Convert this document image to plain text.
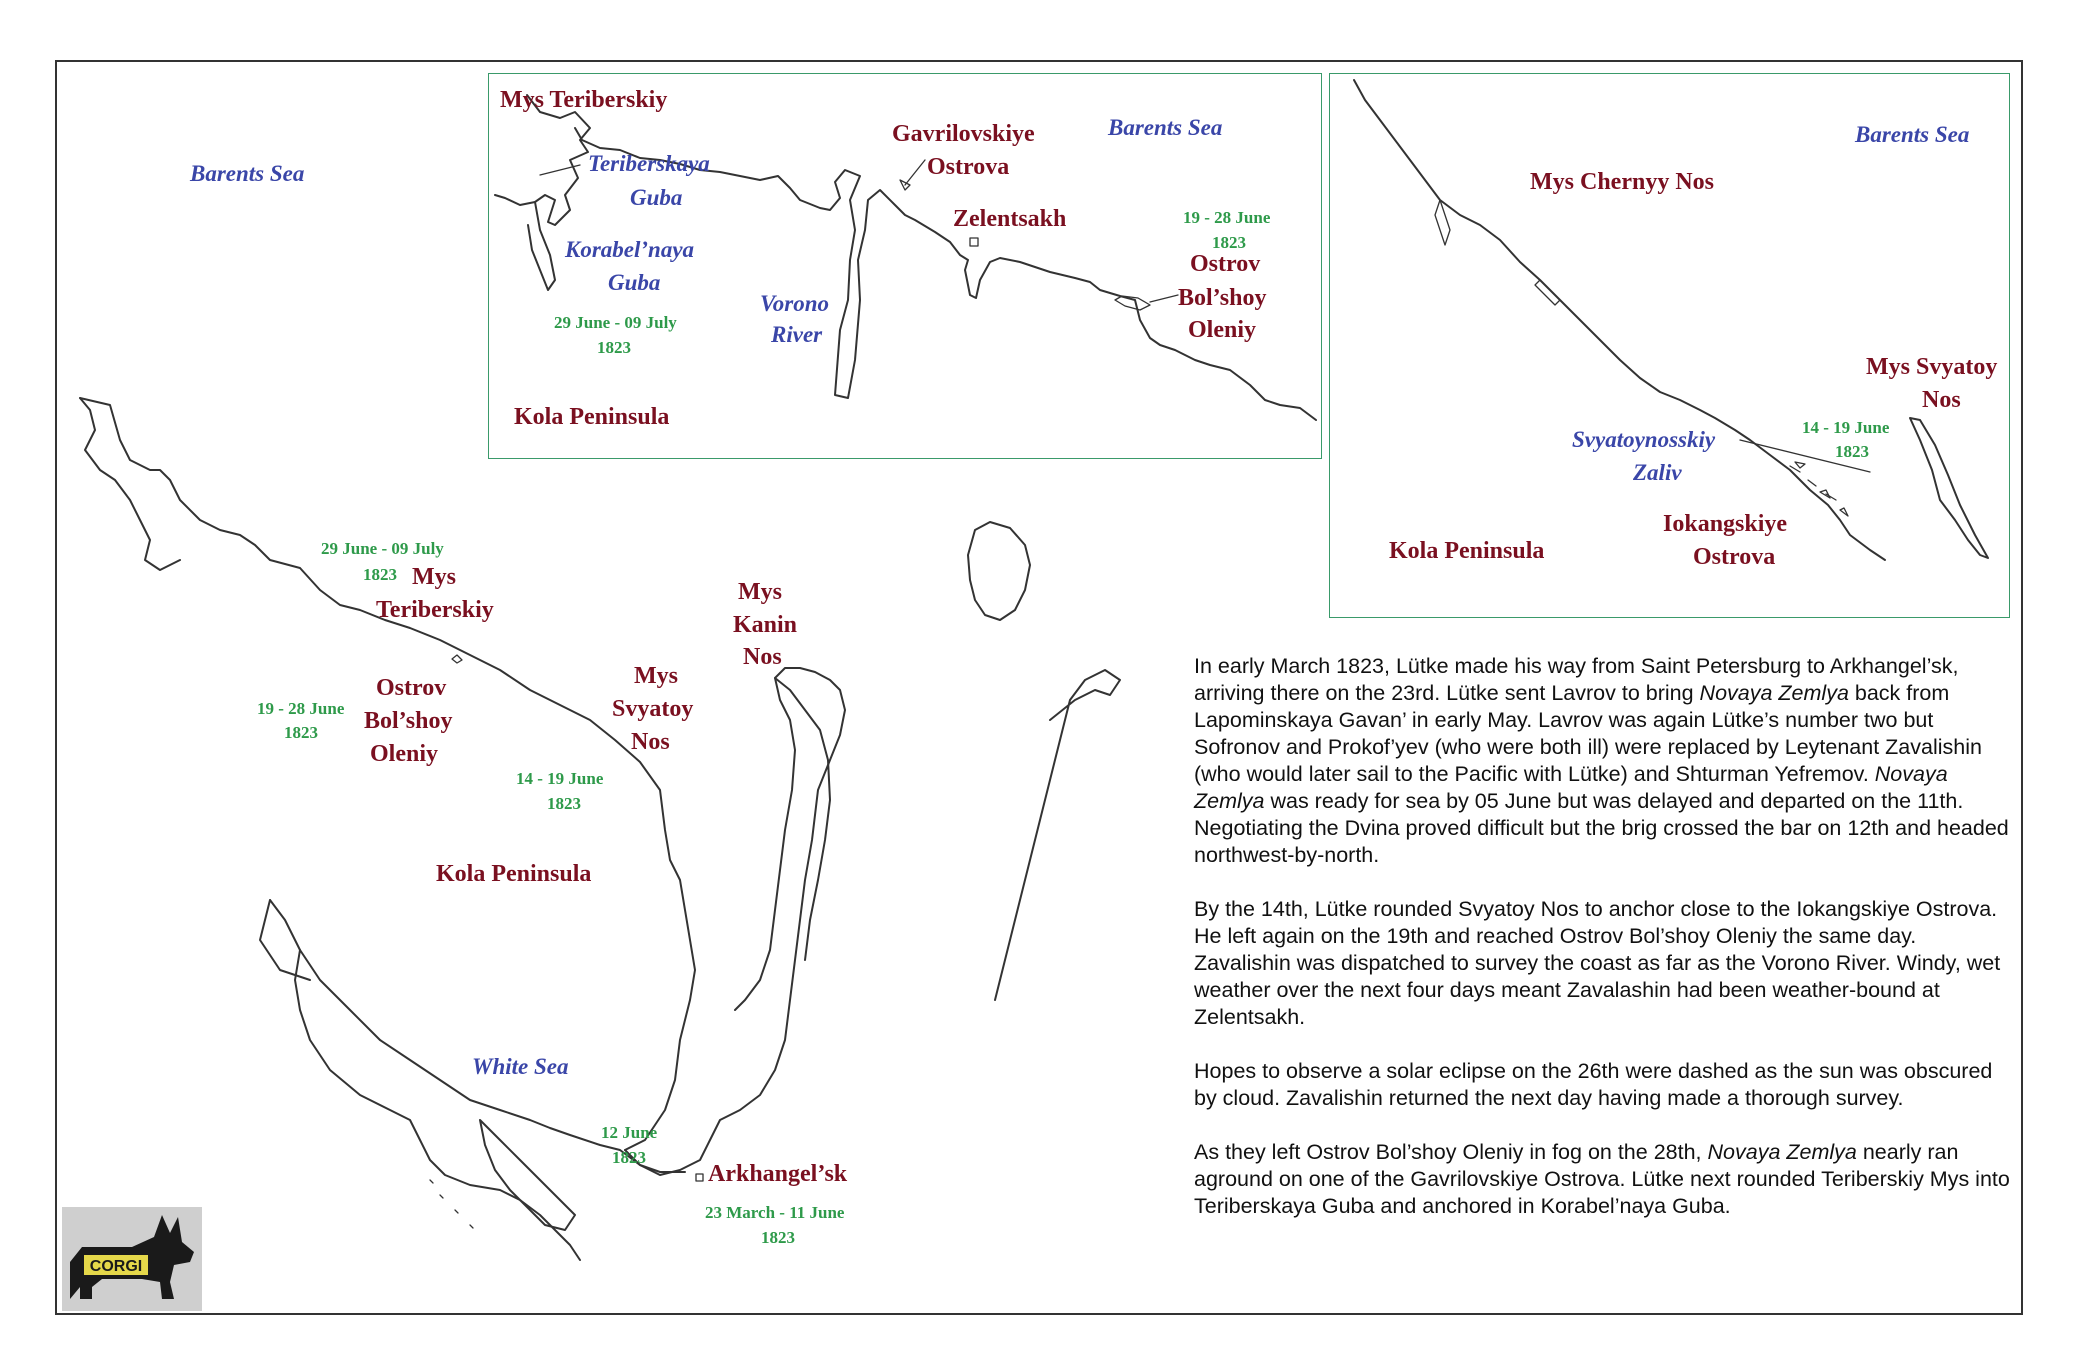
Barents Sea
Mys Teriberskiy
Teriberskaya
Guba
Korabel’naya
Guba
29 June - 09 July
1823
Vorono
River
Gavrilovskiye
Ostrova
Zelentsakh
Barents Sea
19 - 28 June
1823
Ostrov
Bol’shoy
Oleniy
Kola Peninsula
Mys Chernyy Nos
Barents Sea
Mys Svyatoy
Nos
14 - 19 June
1823
Svyatoynosskiy
Zaliv
Iokangskiye
Ostrova
Kola Peninsula
29 June - 09 July
1823 Mys
Teriberskiy
19 - 28 June
1823
Ostrov
Bol’shoy
Oleniy
Mys
Svyatoy
Nos
14 - 19 June
1823
Mys
Kanin
Nos
Kola Peninsula
White Sea
12 June
1823
Arkhangel’sk
23 March - 11 June
1823

In early March 1823, Lütke made his way from Saint Petersburg to Arkhangel’sk, arriving there on the 23rd. Lütke sent Lavrov to bring Novaya Zemlya back from Lapominskaya Gavan’ in early May. Lavrov was again Lütke’s number two but Sofronov and Prokof’yev (who were both ill) were replaced by Leytenant Zavalishin (who would later sail to the Pacific with Lütke) and Shturman Yefremov. Novaya Zemlya was ready for sea by 05 June but was delayed and departed on the 11th. Negotiating the Dvina proved difficult but the brig crossed the bar on 12th and headed northwest-by-north.

By the 14th, Lütke rounded Svyatoy Nos to anchor close to the Iokangskiye Ostrova. He left again on the 19th and reached Ostrov Bol’shoy Oleniy the same day. Zavalishin was dispatched to survey the coast as far as the Vorono River. Windy, wet weather over the next four days meant Zavalashin had been weather-bound at Zelentsakh.

Hopes to observe a solar eclipse on the 26th were dashed as the sun was obscured by cloud. Zavalishin returned the next day having made a thorough survey.

As they left Ostrov Bol’shoy Oleniy in fog on the 28th, Novaya Zemlya nearly ran aground on one of the Gavrilovskiye Ostrova. Lütke next rounded Teriberskiy Mys into Teriberskaya Guba and anchored in Korabel’naya Guba.

CORGI
